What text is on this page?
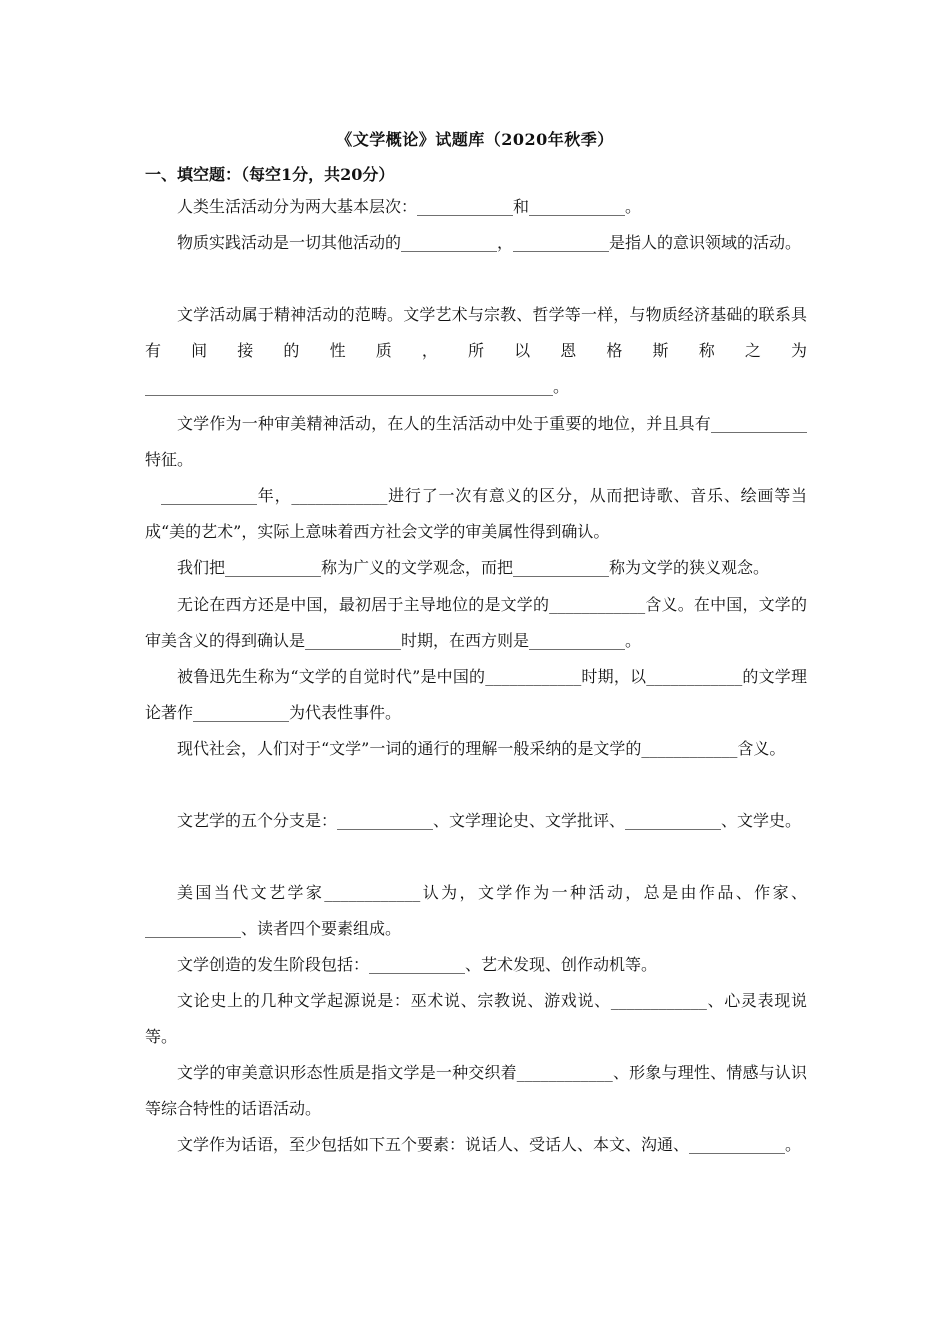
《文学概论》试题库（2020年秋季）
一、填空题：（每空1分，共20分）

人类生活活动分为两大基本层次：____________和____________。

物质实践活动是一切其他活动的____________，____________是指人的意识领域的活动。

文学活动属于精神活动的范畴。文学艺术与宗教、哲学等一样，与物质经济基础的联系具有间接的性质，所以恩格斯称之为___________________________________________________。

文学作为一种审美精神活动，在人的生活活动中处于重要的地位，并且具有____________特征。

____________年，____________进行了一次有意义的区分，从而把诗歌、音乐、绘画等当成“美的艺术”，实际上意味着西方社会文学的审美属性得到确认。

我们把____________称为广义的文学观念，而把____________称为文学的狭义观念。

无论在西方还是中国，最初居于主导地位的是文学的____________含义。在中国，文学的审美含义的得到确认是____________时期，在西方则是____________。

被鲁迅先生称为“文学的自觉时代”是中国的____________时期，以____________的文学理论著作____________为代表性事件。

现代社会，人们对于“文学”一词的通行的理解一般采纳的是文学的____________含义。

文艺学的五个分支是：____________、文学理论史、文学批评、____________、文学史。

美国当代文艺学家____________认为，文学作为一种活动，总是由作品、作家、____________、读者四个要素组成。

文学创造的发生阶段包括：____________、艺术发现、创作动机等。

文论史上的几种文学起源说是：巫术说、宗教说、游戏说、____________、心灵表现说等。

文学的审美意识形态性质是指文学是一种交织着____________、形象与理性、情感与认识等综合特性的话语活动。

文学作为话语，至少包括如下五个要素：说话人、受话人、本文、沟通、____________。
